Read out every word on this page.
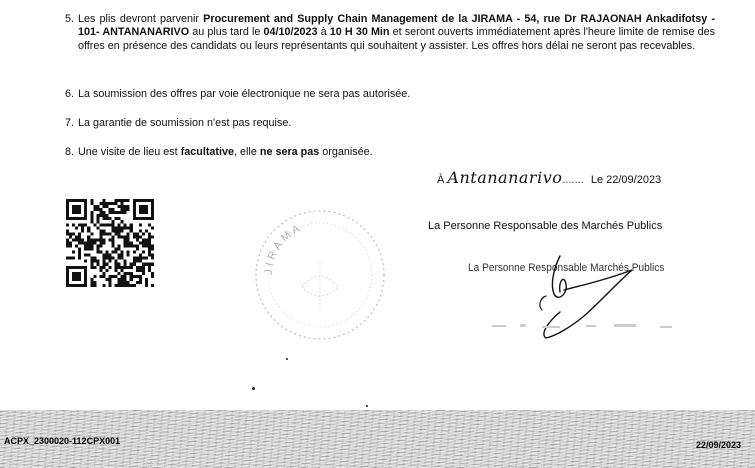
5. Les plis devront parvenir Procurement and Supply Chain Management de la JIRAMA - 54, rue Dr RAJAONAH Ankadifotsy - 101- ANTANANARIVO au plus tard le 04/10/2023 à 10 H 30 Min et seront ouverts immédiatement après l'heure limite de remise des offres en présence des candidats ou leurs représentants qui souhaitent y assister. Les offres hors délai ne seront pas recevables.
6. La soumission des offres par voie électronique ne sera pas autorisée.
7. La garantie de soumission n'est pas requise.
8. Une visite de lieu est facultative, elle ne sera pas organisée.
JIRAMA
À Antananarivo....... Le 22/09/2023
La Personne Responsable des Marchés Publics
La Personne Responsable Marchés Publics
ACPX_2300020-112CPX001	22/09/2023
